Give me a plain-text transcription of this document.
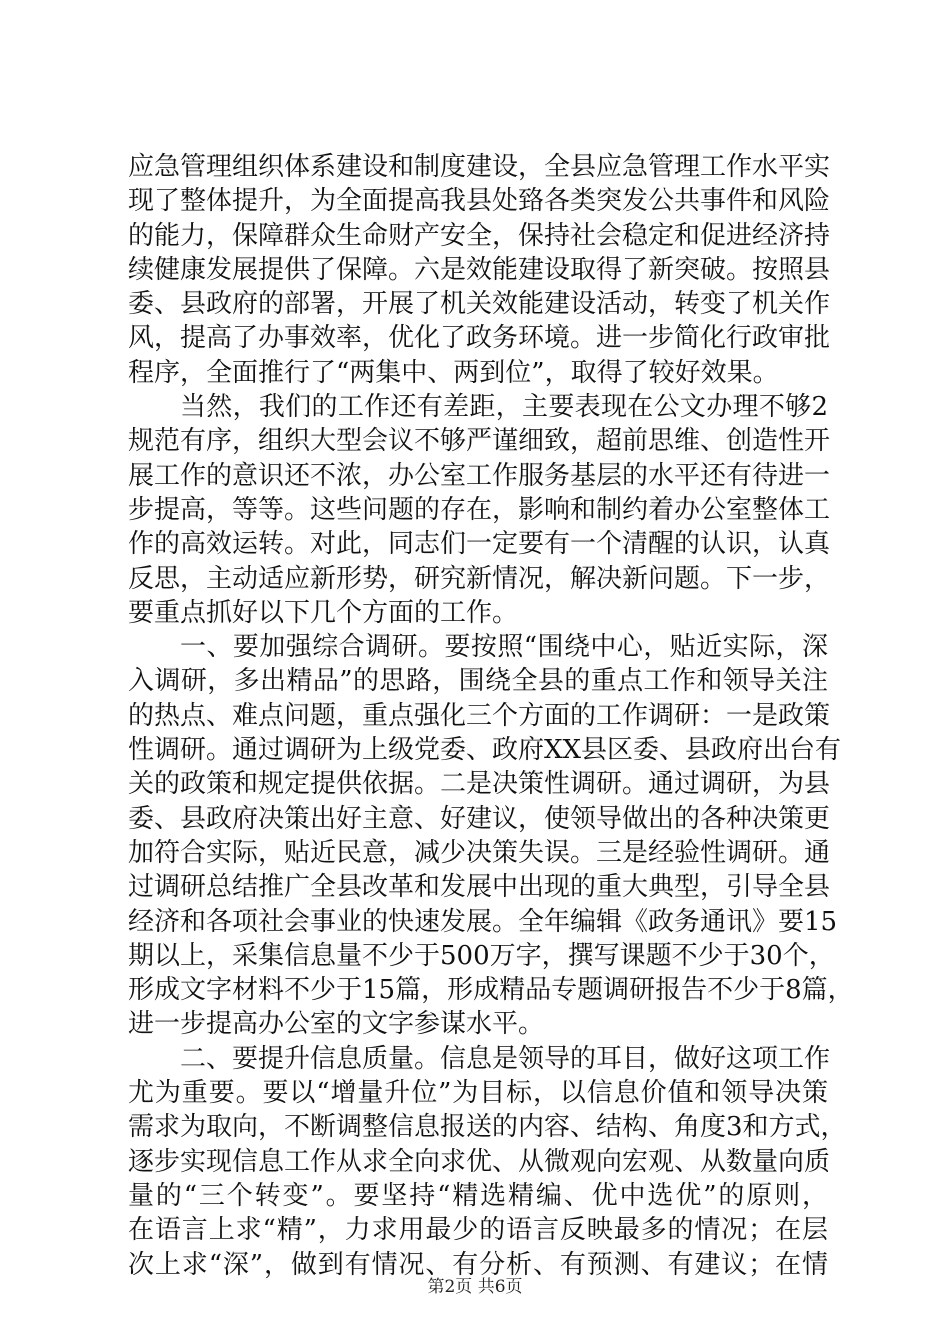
应急管理组织体系建设和制度建设，全县应急管理工作水平实
现了整体提升，为全面提高我县处臵各类突发公共事件和风险
的能力，保障群众生命财产安全，保持社会稳定和促进经济持
续健康发展提供了保障。六是效能建设取得了新突破。按照县
委、县政府的部署，开展了机关效能建设活动，转变了机关作
风，提高了办事效率，优化了政务环境。进一步简化行政审批
程序，全面推行了“两集中、两到位”，取得了较好效果。
当然，我们的工作还有差距，主要表现在公文办理不够2
规范有序，组织大型会议不够严谨细致，超前思维、创造性开
展工作的意识还不浓，办公室工作服务基层的水平还有待进一
步提高，等等。这些问题的存在，影响和制约着办公室整体工
作的高效运转。对此，同志们一定要有一个清醒的认识，认真
反思，主动适应新形势，研究新情况，解决新问题。下一步，
要重点抓好以下几个方面的工作。
一、要加强综合调研。要按照“围绕中心，贴近实际，深
入调研，多出精品”的思路，围绕全县的重点工作和领导关注
的热点、难点问题，重点强化三个方面的工作调研：一是政策
性调研。通过调研为上级党委、政府XX县区委、县政府出台有
关的政策和规定提供依据。二是决策性调研。通过调研，为县
委、县政府决策出好主意、好建议，使领导做出的各种决策更
加符合实际，贴近民意，减少决策失误。三是经验性调研。通
过调研总结推广全县改革和发展中出现的重大典型，引导全县
经济和各项社会事业的快速发展。全年编辑《政务通讯》要15
期以上，采集信息量不少于500万字，撰写课题不少于30个，
形成文字材料不少于15篇，形成精品专题调研报告不少于8篇，
进一步提高办公室的文字参谋水平。
二、要提升信息质量。信息是领导的耳目，做好这项工作
尤为重要。要以“增量升位”为目标，以信息价值和领导决策
需求为取向，不断调整信息报送的内容、结构、角度3和方式，
逐步实现信息工作从求全向求优、从微观向宏观、从数量向质
量的“三个转变”。要坚持“精选精编、优中选优”的原则，
在语言上求“精”，力求用最少的语言反映最多的情况；在层
次上求“深”，做到有情况、有分析、有预测、有建议；在情
第2页 共6页
